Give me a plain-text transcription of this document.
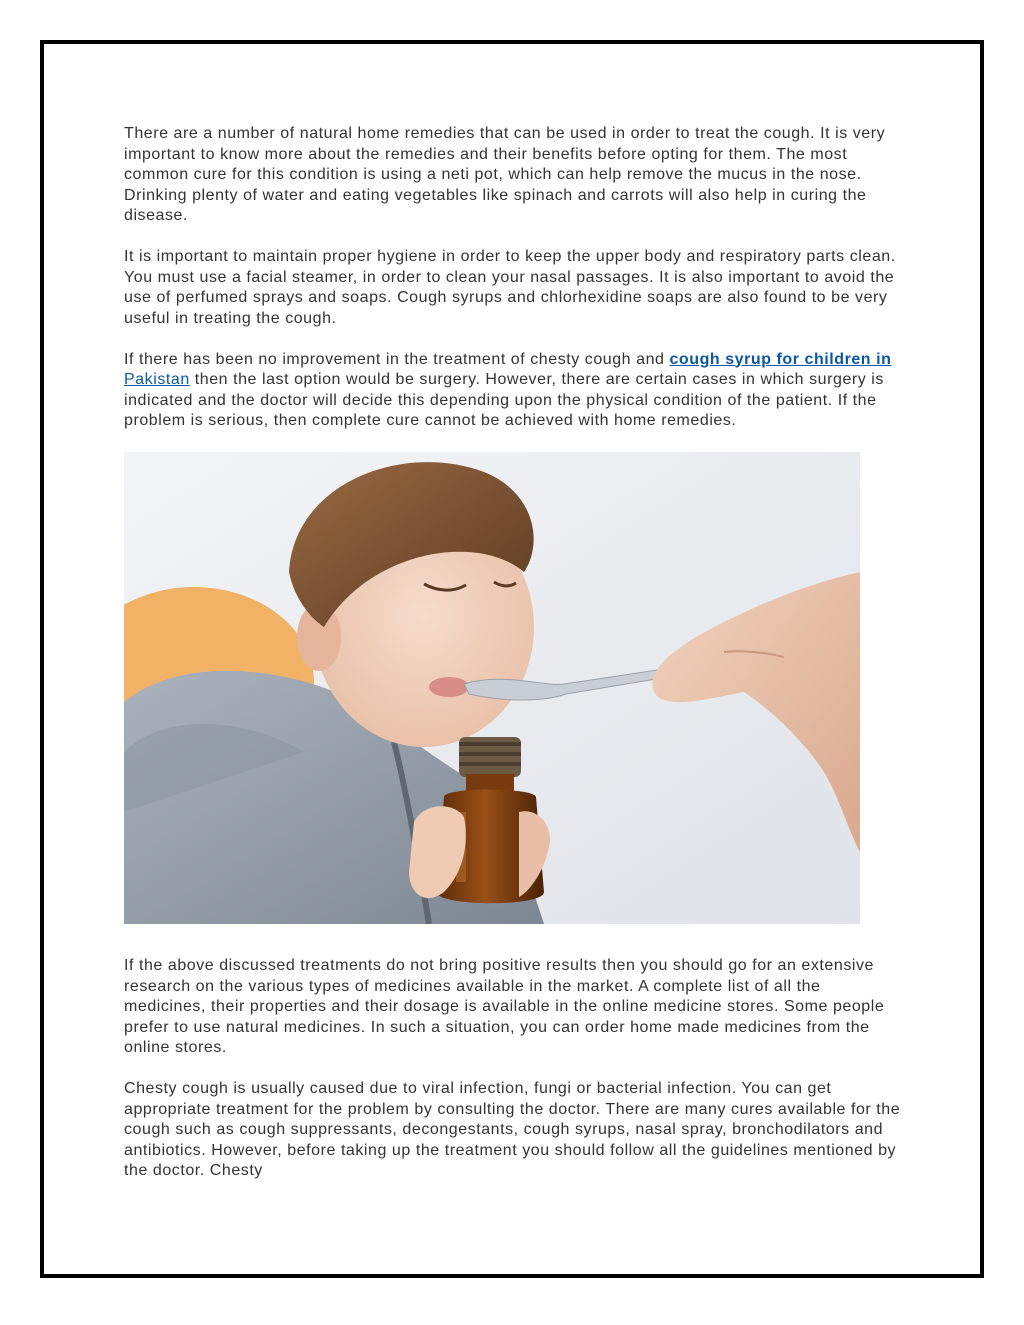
There are a number of natural home remedies that can be used in order to treat the cough. It is very important to know more about the remedies and their benefits before opting for them. The most common cure for this condition is using a neti pot, which can help remove the mucus in the nose. Drinking plenty of water and eating vegetables like spinach and carrots will also help in curing the disease.

It is important to maintain proper hygiene in order to keep the upper body and respiratory parts clean. You must use a facial steamer, in order to clean your nasal passages. It is also important to avoid the use of perfumed sprays and soaps. Cough syrups and chlorhexidine soaps are also found to be very useful in treating the cough.

If there has been no improvement in the treatment of chesty cough and cough syrup for children in Pakistan then the last option would be surgery. However, there are certain cases in which surgery is indicated and the doctor will decide this depending upon the physical condition of the patient. If the problem is serious, then complete cure cannot be achieved with home remedies.

If the above discussed treatments do not bring positive results then you should go for an extensive research on the various types of medicines available in the market. A complete list of all the medicines, their properties and their dosage is available in the online medicine stores. Some people prefer to use natural medicines. In such a situation, you can order home made medicines from the online stores.

Chesty cough is usually caused due to viral infection, fungi or bacterial infection. You can get appropriate treatment for the problem by consulting the doctor. There are many cures available for the cough such as cough suppressants, decongestants, cough syrups, nasal spray, bronchodilators and antibiotics. However, before taking up the treatment you should follow all the guidelines mentioned by the doctor. Chesty
